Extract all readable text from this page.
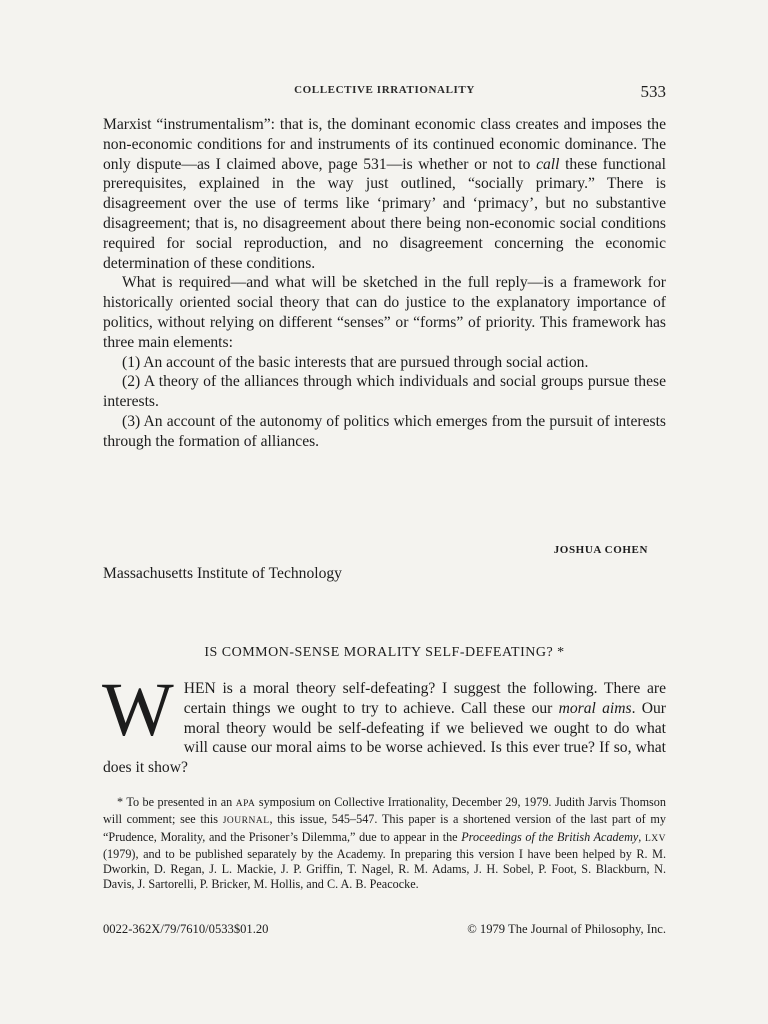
COLLECTIVE IRRATIONALITY	533

Marxist “instrumentalism”: that is, the dominant economic class creates and imposes the non-economic conditions for and instruments of its continued economic dominance. The only dispute—as I claimed above, page 531—is whether or not to call these functional prerequisites, explained in the way just outlined, “socially primary.” There is disagreement over the use of terms like ‘primary’ and ‘primacy’, but no substantive disagreement; that is, no disagreement about there being non-economic social conditions required for social reproduction, and no disagreement concerning the economic determination of these conditions.

What is required—and what will be sketched in the full reply—is a framework for historically oriented social theory that can do justice to the explanatory importance of politics, without relying on different “senses” or “forms” of priority. This framework has three main elements:

(1) An account of the basic interests that are pursued through social action.

(2) A theory of the alliances through which individuals and social groups pursue these interests.

(3) An account of the autonomy of politics which emerges from the pursuit of interests through the formation of alliances.

JOSHUA COHEN
Massachusetts Institute of Technology
IS COMMON-SENSE MORALITY SELF-DEFEATING? *
WHEN is a moral theory self-defeating? I suggest the following. There are certain things we ought to try to achieve. Call these our moral aims. Our moral theory would be self-defeating if we believed we ought to do what will cause our moral aims to be worse achieved. Is this ever true? If so, what does it show?

* To be presented in an APA symposium on Collective Irrationality, December 29, 1979. Judith Jarvis Thomson will comment; see this JOURNAL, this issue, 545–547. This paper is a shortened version of the last part of my “Prudence, Morality, and the Prisoner’s Dilemma,” due to appear in the Proceedings of the British Academy, LXV (1979), and to be published separately by the Academy. In preparing this version I have been helped by R. M. Dworkin, D. Regan, J. L. Mackie, J. P. Griffin, T. Nagel, R. M. Adams, J. H. Sobel, P. Foot, S. Blackburn, N. Davis, J. Sartorelli, P. Bricker, M. Hollis, and C. A. B. Peacocke.

0022-362X/79/7610/0533$01.20	© 1979 The Journal of Philosophy, Inc.
